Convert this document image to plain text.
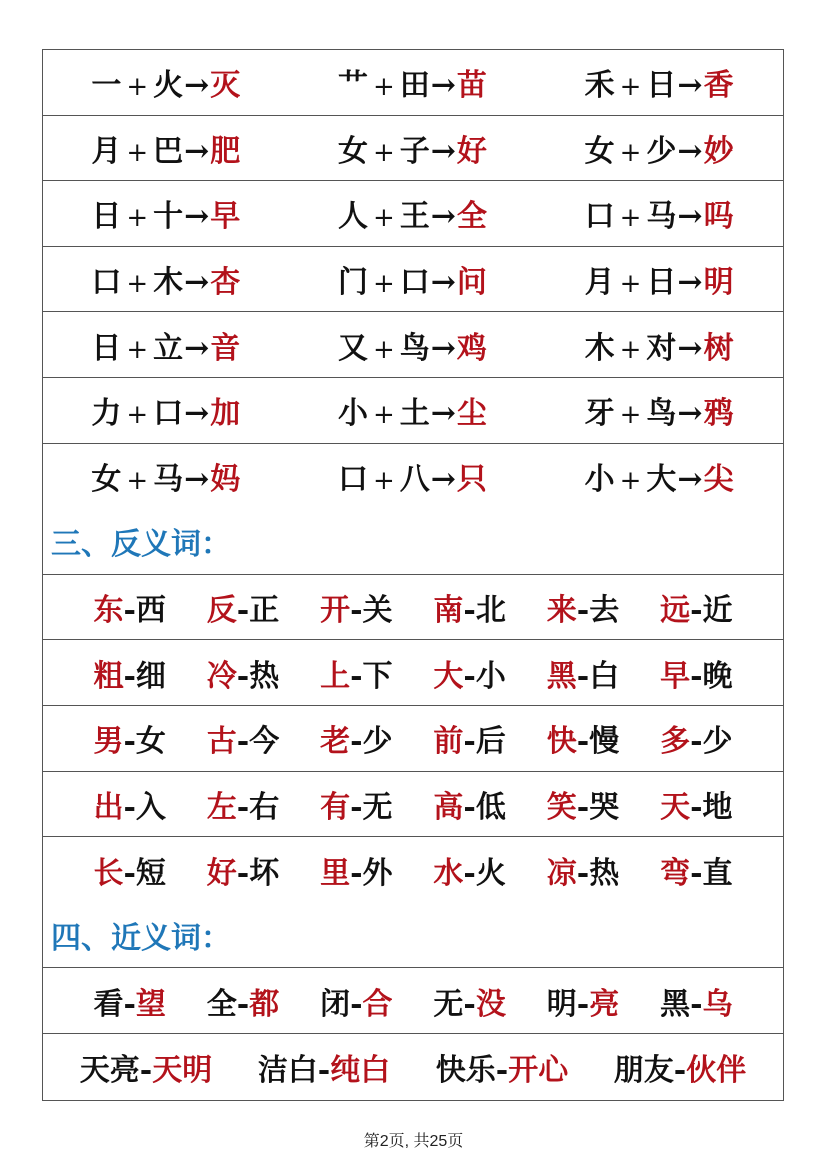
一 + 火→灭	艹 + 田→苗	禾 + 日→香
月 + 巴→肥	女 + 子→好	女 + 少→妙
日 + 十→早	人 + 王→全	口 + 马→吗
口 + 木→杏	门 + 口→问	月 + 日→明
日 + 立→音	又 + 鸟→鸡	木 + 对→树
力 + 口→加	小 + 土→尘	牙 + 鸟→鸦
女 + 马→妈	口 + 八→只	小 + 大→尖
三、反义词：
东-西 反-正 开-关 南-北 来-去 远-近
粗-细 冷-热 上-下 大-小 黑-白 早-晚
男-女 古-今 老-少 前-后 快-慢 多-少
出-入 左-右 有-无 高-低 笑-哭 天-地
长-短 好-坏 里-外 水-火 凉-热 弯-直
四、近义词：
看-望 全-都 闭-合 无-没 明-亮 黑-乌
天亮-天明 洁白-纯白 快乐-开心 朋友-伙伴
第2页, 共25页
